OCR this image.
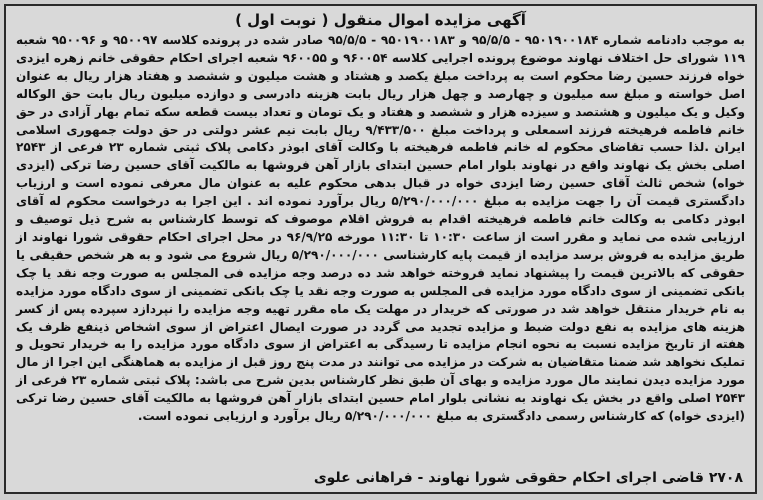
آگهی مزایده اموال منقول ( نوبت اول )
به موجب دادنامه شماره ۹۵۰۱۹۰۰۱۸۴ - ۹۵/۵/۵ و ۹۵۰۱۹۰۰۱۸۳ - ۹۵/۵/۵ صادر شده در پرونده کلاسه ۹۵۰۰۹۷ و ۹۵۰۰۹۶ شعبه ۱۱۹ شورای حل اختلاف نهاوند موضوع پرونده اجرایی کلاسه ۹۶۰۰۵۴ و ۹۶۰۰۵۵ شعبه اجرای احکام حقوقی خانم زهره ایزدی خواه فرزند حسین رضا محکوم است به پرداخت مبلغ یکصد و هشتاد و هشت میلیون و ششصد و هفتاد هزار ریال به عنوان اصل خواسته و مبلغ سه میلیون و چهارصد و چهل هزار ریال بابت هزینه دادرسی و دوازده میلیون ریال بابت حق الوکاله وکیل و یک میلیون و هشتصد و سیزده هزار و ششصد و هفتاد و یک تومان و تعداد بیست قطعه سکه تمام بهار آزادی در حق خانم فاطمه فرهیخته فرزند اسمعلی و پرداخت مبلغ ۹/۴۳۳/۵۰۰ ریال بابت نیم عشر دولتی در حق دولت جمهوری اسلامی ایران .لذا حسب تقاضای محکوم له خانم فاطمه فرهیخته با وکالت آقای ابوذر دکامی پلاک ثبتی شماره ۲۳ فرعی از ۲۵۴۳ اصلی بخش یک نهاوند واقع در نهاوند بلوار امام حسین ابتدای بازار آهن فروشها به مالکیت آقای حسین رضا ترکی (ایزدی خواه) شخص ثالث آقای حسین رضا ایزدی خواه در قبال بدهی محکوم علیه به عنوان مال معرفی نموده است و ارزیاب دادگستری قیمت آن را جهت مزایده به مبلغ ۵/۲۹۰/۰۰۰/۰۰۰ ریال برآورد نموده اند . این اجرا به درخواست محکوم له آقای ابوذر دکامی به وکالت خانم فاطمه فرهیخته اقدام به فروش اقلام موصوف که توسط کارشناس به شرح ذیل توصیف و ارزیابی شده می نماید و مقرر است از ساعت ۱۰:۳۰ تا ۱۱:۳۰ مورخه ۹۶/۹/۲۵ در محل اجرای احکام حقوقی شورا نهاوند از طریق مزایده به فروش برسد مزایده از قیمت پایه کارشناسی ۵/۲۹۰/۰۰۰/۰۰۰ ریال شروع می شود و به هر شخص حقیقی یا حقوقی که بالاترین قیمت را پیشنهاد نماید فروخته خواهد شد ده درصد وجه مزایده فی المجلس به صورت وجه نقد یا چک بانکی تضمینی از سوی دادگاه مورد مزایده فی المجلس به صورت وجه نقد یا چک بانکی تضمینی از سوی دادگاه مورد مزایده به نام خریدار منتقل خواهد شد در صورتی که خریدار در مهلت یک ماه مقرر تهیه وجه مزایده را نپردازد سپرده پس از کسر هزینه های مزایده به نفع دولت ضبط و مزایده تجدید می گردد در صورت ایصال اعتراض از سوی اشخاص ذینفع ظرف یک هفته از تاریخ مزایده نسبت به نحوه انجام مزایده تا رسیدگی به اعتراض از سوی دادگاه مورد مزایده را به خریدار تحویل و تملیک نخواهد شد ضمنا متقاضیان به شرکت در مزایده می توانند در مدت پنج روز قبل از مزایده به هماهنگی این اجرا از مال مورد مزایده دیدن نمایند مال مورد مزایده و بهای آن طبق نظر کارشناس بدین شرح می باشد: پلاک ثبتی شماره ۲۳ فرعی از ۲۵۴۳ اصلی واقع در بخش یک نهاوند به نشانی بلوار امام حسین ابتدای بازار آهن فروشها به مالکیت آقای حسین رضا ترکی (ایزدی خواه) که کارشناس رسمی دادگستری به مبلغ ۵/۲۹۰/۰۰۰/۰۰۰ ریال برآورد و ارزیابی نموده است.
۲۷۰۸ قاضی اجرای احکام حقوقی شورا نهاوند - فراهانی علوی
